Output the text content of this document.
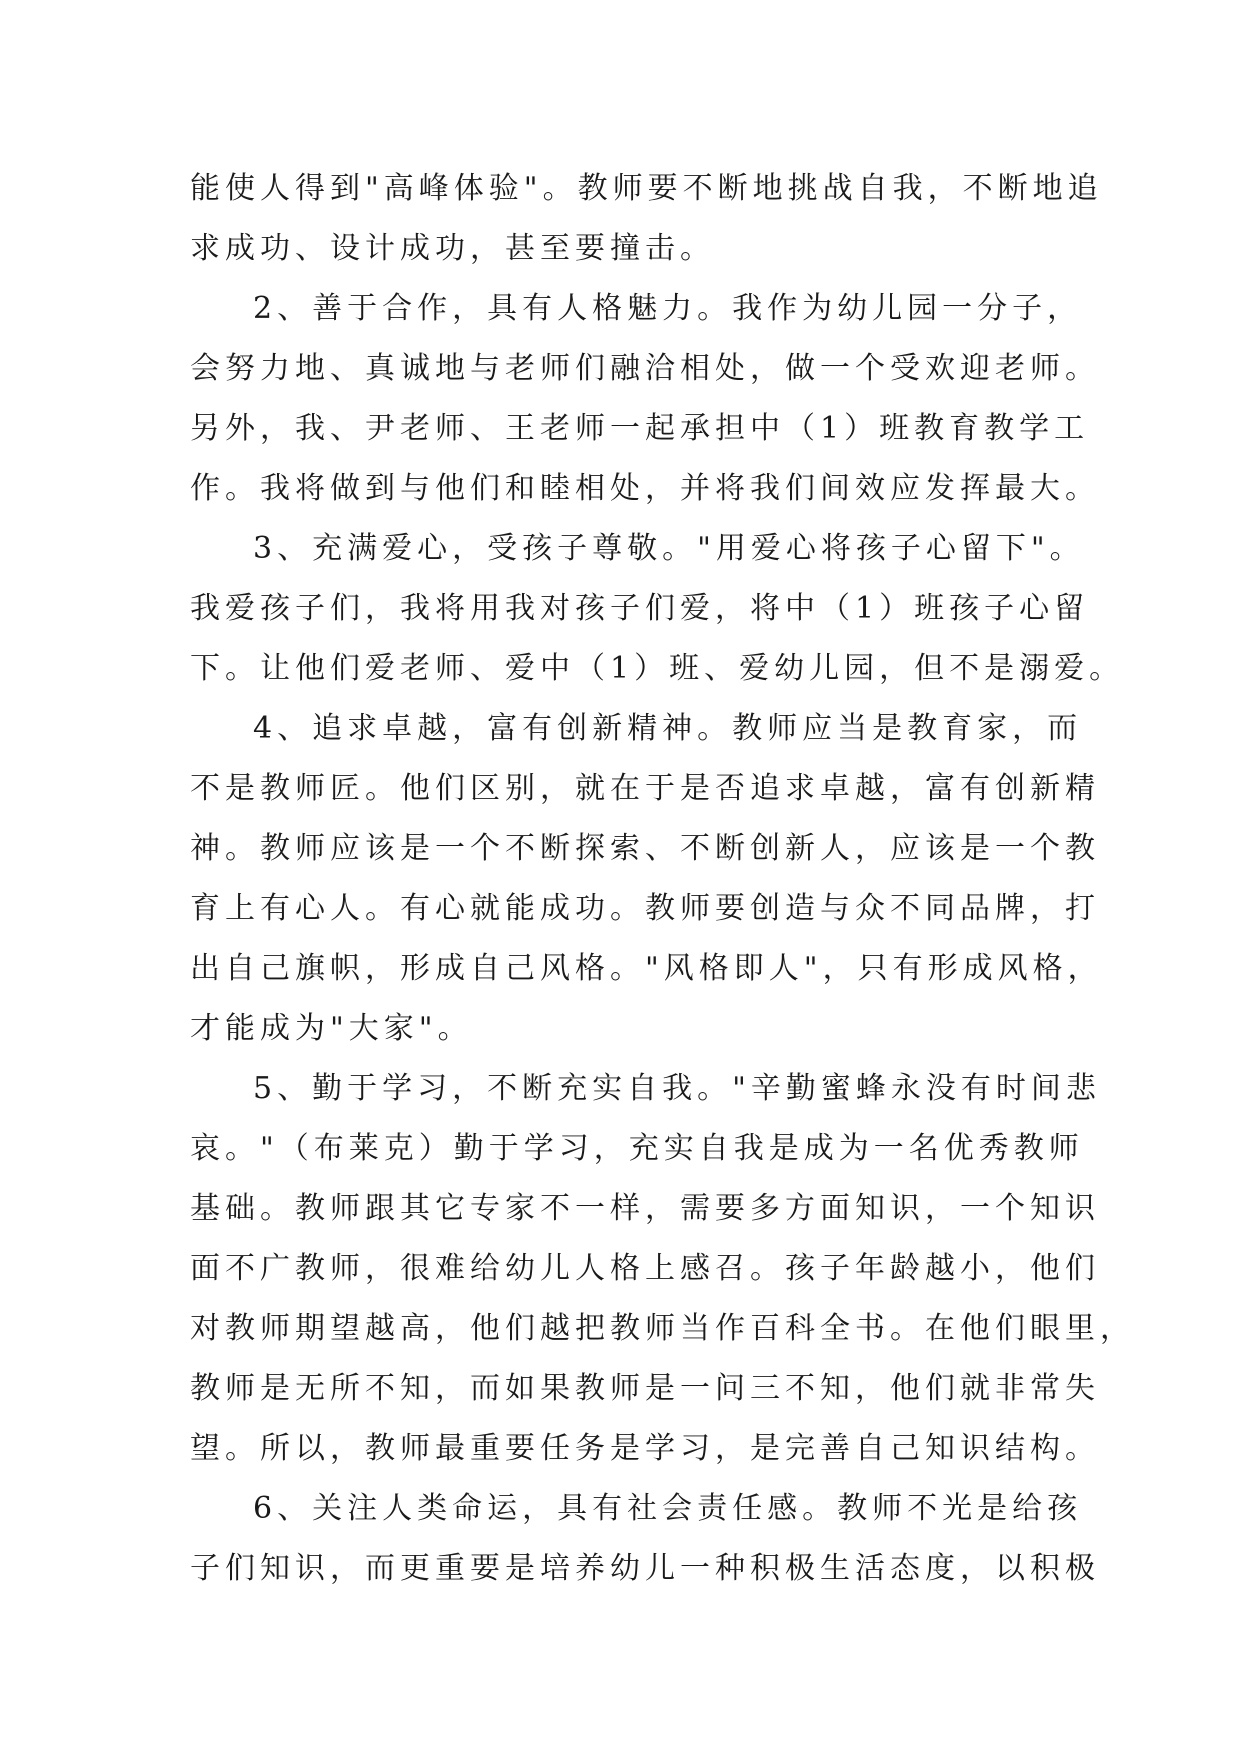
能使人得到"高峰体验"。教师要不断地挑战自我，不断地追
求成功、设计成功，甚至要撞击。
2、善于合作，具有人格魅力。我作为幼儿园一分子，
会努力地、真诚地与老师们融洽相处，做一个受欢迎老师。
另外，我、尹老师、王老师一起承担中（1）班教育教学工
作。我将做到与他们和睦相处，并将我们间效应发挥最大。
3、充满爱心，受孩子尊敬。"用爱心将孩子心留下"。
我爱孩子们，我将用我对孩子们爱，将中（1）班孩子心留
下。让他们爱老师、爱中（1）班、爱幼儿园，但不是溺爱。
4、追求卓越，富有创新精神。教师应当是教育家，而
不是教师匠。他们区别，就在于是否追求卓越，富有创新精
神。教师应该是一个不断探索、不断创新人，应该是一个教
育上有心人。有心就能成功。教师要创造与众不同品牌，打
出自己旗帜，形成自己风格。"风格即人"，只有形成风格，
才能成为"大家"。
5、勤于学习，不断充实自我。"辛勤蜜蜂永没有时间悲
哀。"（布莱克）勤于学习，充实自我是成为一名优秀教师
基础。教师跟其它专家不一样，需要多方面知识，一个知识
面不广教师，很难给幼儿人格上感召。孩子年龄越小，他们
对教师期望越高，他们越把教师当作百科全书。在他们眼里，
教师是无所不知，而如果教师是一问三不知，他们就非常失
望。所以，教师最重要任务是学习，是完善自己知识结构。
6、关注人类命运，具有社会责任感。教师不光是给孩
子们知识，而更重要是培养幼儿一种积极生活态度，以积极
